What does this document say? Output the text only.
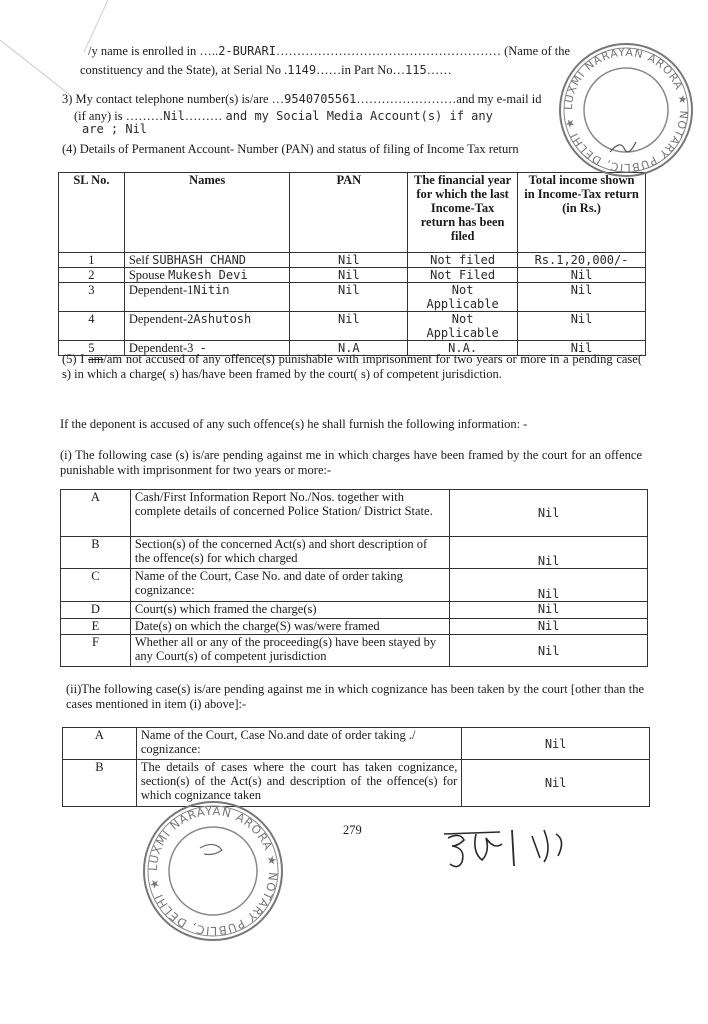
/y name is enrolled in …..2-BURARI……………………………………………… (Name of the
constituency and the State), at Serial No .1149……in Part No…115……
3) My contact telephone number(s) is/are …9540705561……………………and my e-mail id
(if any) is ………Nil……… and my Social Media Account(s) if any
are ; Nil
(4) Details of Permanent Account- Number (PAN) and status of filing of Income Tax return
SL No.	Names	PAN	The financial year for which the last Income-Tax return has been filed	Total income shown in Income-Tax return (in Rs.)
1	Self SUBHASH CHAND	Nil	Not filed	Rs.1,20,000/-
2	Spouse Mukesh Devi	Nil	Not Filed	Nil
3	Dependent-1Nitin	Nil	Not Applicable	Nil
4	Dependent-2Ashutosh	Nil	Not Applicable	Nil
5	Dependent-3 -	N.A	N.A.	Nil
(5) I am/am not accused of any offence(s) punishable with imprisonment for two years or more in a pending case( s) in which a charge( s) has/have been framed by the court( s) of competent jurisdiction.
If the deponent is accused of any such offence(s) he shall furnish the following information: -
(i) The following case (s) is/are pending against me in which charges have been framed by the court for an offence punishable with imprisonment for two years or more:-
A	Cash/First Information Report No./Nos. together with complete details of concerned Police Station/ District State.	Nil
B	Section(s) of the concerned Act(s) and short description of the offence(s) for which charged	Nil
C	Name of the Court, Case No. and date of order taking cognizance:	Nil
D	Court(s) which framed the charge(s)	Nil
E	Date(s) on which the charge(S) was/were framed	Nil
F	Whether all or any of the proceeding(s) have been stayed by any Court(s) of competent jurisdiction	Nil
(ii)The following case(s) is/are pending against me in which cognizance has been taken by the court [other than the cases mentioned in item (i) above]:-
A	Name of the Court, Case No.and date of order taking ./ cognizance:	Nil
B	The details of cases where the court has taken cognizance, section(s) of the Act(s) and description of the offence(s) for which cognizance taken	Nil
279
LUXMI NARAYAN ARORA ★ NOTARY PUBLIC, DELHI ★
LUXMI NARAYAN ARORA ★ NOTARY PUBLIC, DELHI ★
